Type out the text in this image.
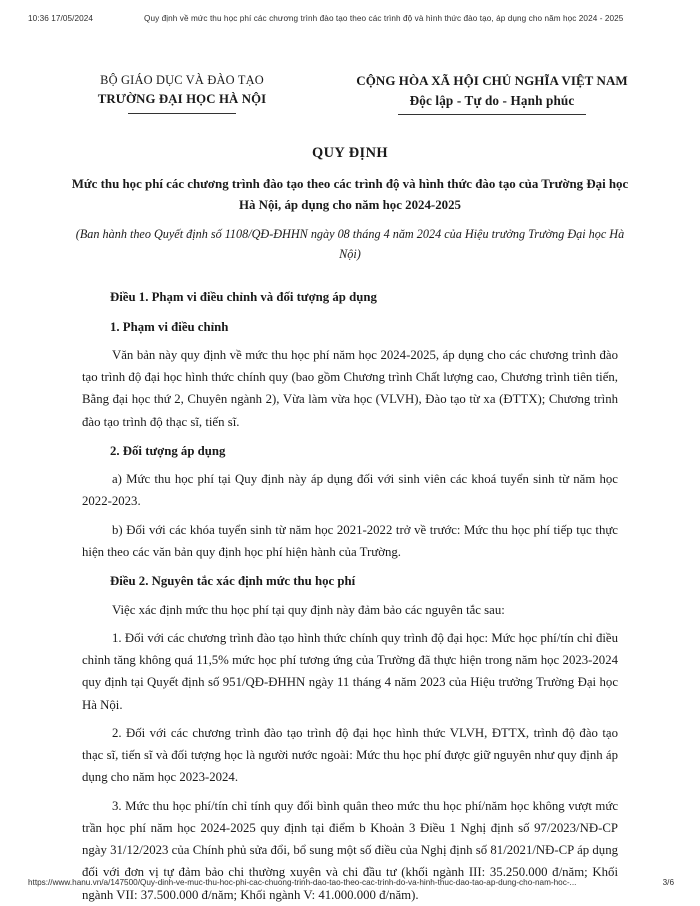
10:36 17/05/2024	Quy định về mức thu học phí các chương trình đào tạo theo các trình độ và hình thức đào tạo, áp dụng cho năm học 2024 - 2025
BỘ GIÁO DỤC VÀ ĐÀO TẠO
TRƯỜNG ĐẠI HỌC HÀ NỘI
CỘNG HÒA XÃ HỘI CHỦ NGHĨA VIỆT NAM
Độc lập - Tự do - Hạnh phúc
QUY ĐỊNH
Mức thu học phí các chương trình đào tạo theo các trình độ và hình thức đào tạo của Trường Đại học Hà Nội, áp dụng cho năm học 2024-2025
(Ban hành theo Quyết định số 1108/QĐ-ĐHHN ngày 08 tháng 4 năm 2024 của Hiệu trưởng Trường Đại học Hà Nội)

Điều 1. Phạm vi điều chỉnh và đối tượng áp dụng

1. Phạm vi điều chỉnh

Văn bản này quy định về mức thu học phí năm học 2024-2025, áp dụng cho các chương trình đào tạo trình độ đại học hình thức chính quy (bao gồm Chương trình Chất lượng cao, Chương trình tiên tiến, Bằng đại học thứ 2, Chuyên ngành 2), Vừa làm vừa học (VLVH), Đào tạo từ xa (ĐTTX); Chương trình đào tạo trình độ thạc sĩ, tiến sĩ.

2. Đối tượng áp dụng

a) Mức thu học phí tại Quy định này áp dụng đối với sinh viên các khoá tuyển sinh từ năm học 2022-2023.

b) Đối với các khóa tuyển sinh từ năm học 2021-2022 trở về trước: Mức thu học phí tiếp tục thực hiện theo các văn bản quy định học phí hiện hành của Trường.

Điều 2. Nguyên tắc xác định mức thu học phí

Việc xác định mức thu học phí tại quy định này đảm bảo các nguyên tắc sau:

1. Đối với các chương trình đào tạo hình thức chính quy trình độ đại học: Mức học phí/tín chỉ điều chỉnh tăng không quá 11,5% mức học phí tương ứng của Trường đã thực hiện trong năm học 2023-2024 quy định tại Quyết định số 951/QĐ-ĐHHN ngày 11 tháng 4 năm 2023 của Hiệu trưởng Trường Đại học Hà Nội.

2. Đối với các chương trình đào tạo trình độ đại học hình thức VLVH, ĐTTX, trình độ đào tạo thạc sĩ, tiến sĩ và đối tượng học là người nước ngoài: Mức thu học phí được giữ nguyên như quy định áp dụng cho năm học 2023-2024.

3. Mức thu học phí/tín chỉ tính quy đổi bình quân theo mức thu học phí/năm học không vượt mức trần học phí năm học 2024-2025 quy định tại điểm b Khoản 3 Điều 1 Nghị định số 97/2023/NĐ-CP ngày 31/12/2023 của Chính phủ sửa đổi, bổ sung một số điều của Nghị định số 81/2021/NĐ-CP áp dụng đối với đơn vị tự đảm bảo chi thường xuyên và chi đầu tư (khối ngành III: 35.250.000 đ/năm; Khối ngành VII: 37.500.000 đ/năm; Khối ngành V: 41.000.000 đ/năm).

https://www.hanu.vn/a/147500/Quy-dinh-ve-muc-thu-hoc-phi-cac-chuong-trinh-dao-tao-theo-cac-trinh-do-va-hinh-thuc-dao-tao-ap-dung-cho-nam-hoc-...	3/6
